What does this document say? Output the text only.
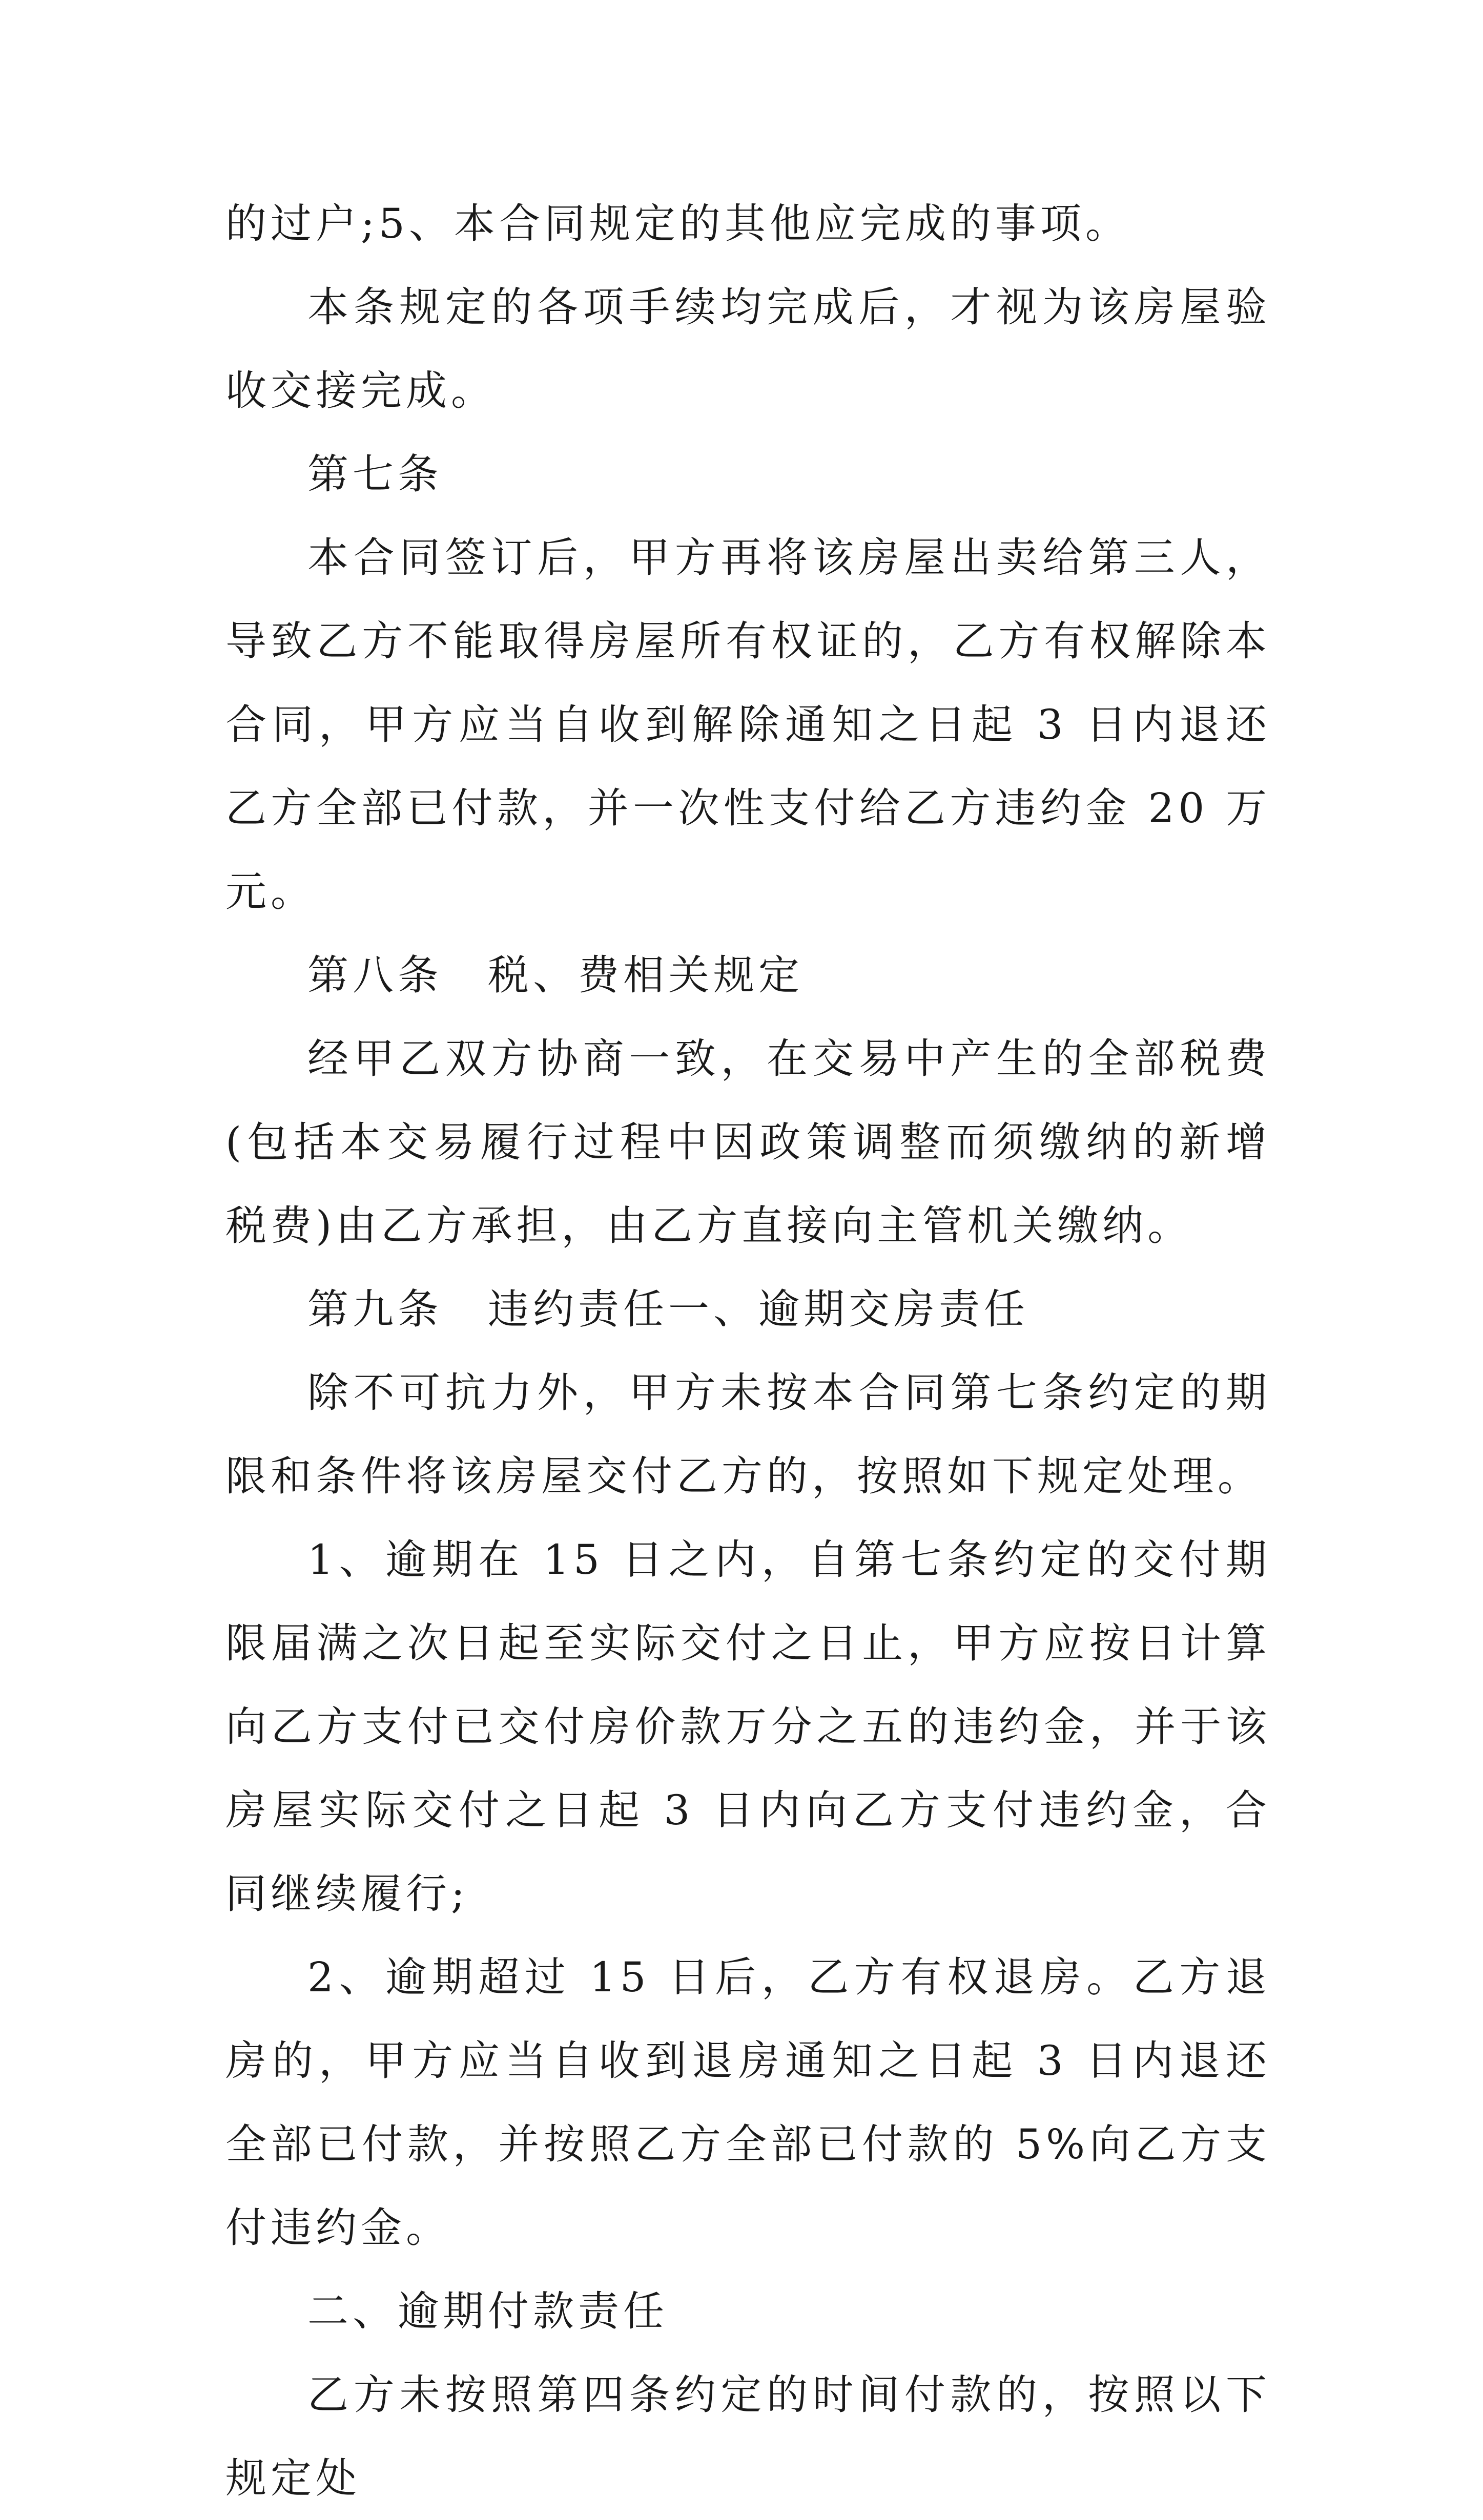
的过户;5、本合同规定的其他应完成的事项。

本条规定的各项手续均完成后，才视为该房屋验收交接完成。

第七条

本合同签订后，甲方再将该房屋出卖给第三人，导致乙方不能取得房屋所有权证的，乙方有权解除本合同，甲方应当自收到解除通知之日起 3 日内退还乙方全部已付款，并一次性支付给乙方违约金 20 万元。

第八条　税、费相关规定

经甲乙双方协商一致，在交易中产生的全部税费(包括本交易履行过程中因政策调整而须缴纳的新增税费)由乙方承担，由乙方直接向主管机关缴纳。

第九条　违约责任一、逾期交房责任

除不可抗力外，甲方未按本合同第七条约定的期限和条件将该房屋交付乙方的，按照如下规定处理。

1、逾期在 15 日之内，自第七条约定的交付期限届满之次日起至实际交付之日止，甲方应按日计算向乙方支付已交付房价款万分之五的违约金，并于该房屋实际交付之日起 3 日内向乙方支付违约金，合同继续履行;

2、逾期超过 15 日后，乙方有权退房。乙方退房的，甲方应当自收到退房通知之日起 3 日内退还全部已付款，并按照乙方全部已付款的 5%向乙方支付违约金。

二、逾期付款责任

乙方未按照第四条约定的时间付款的，按照以下规定处
